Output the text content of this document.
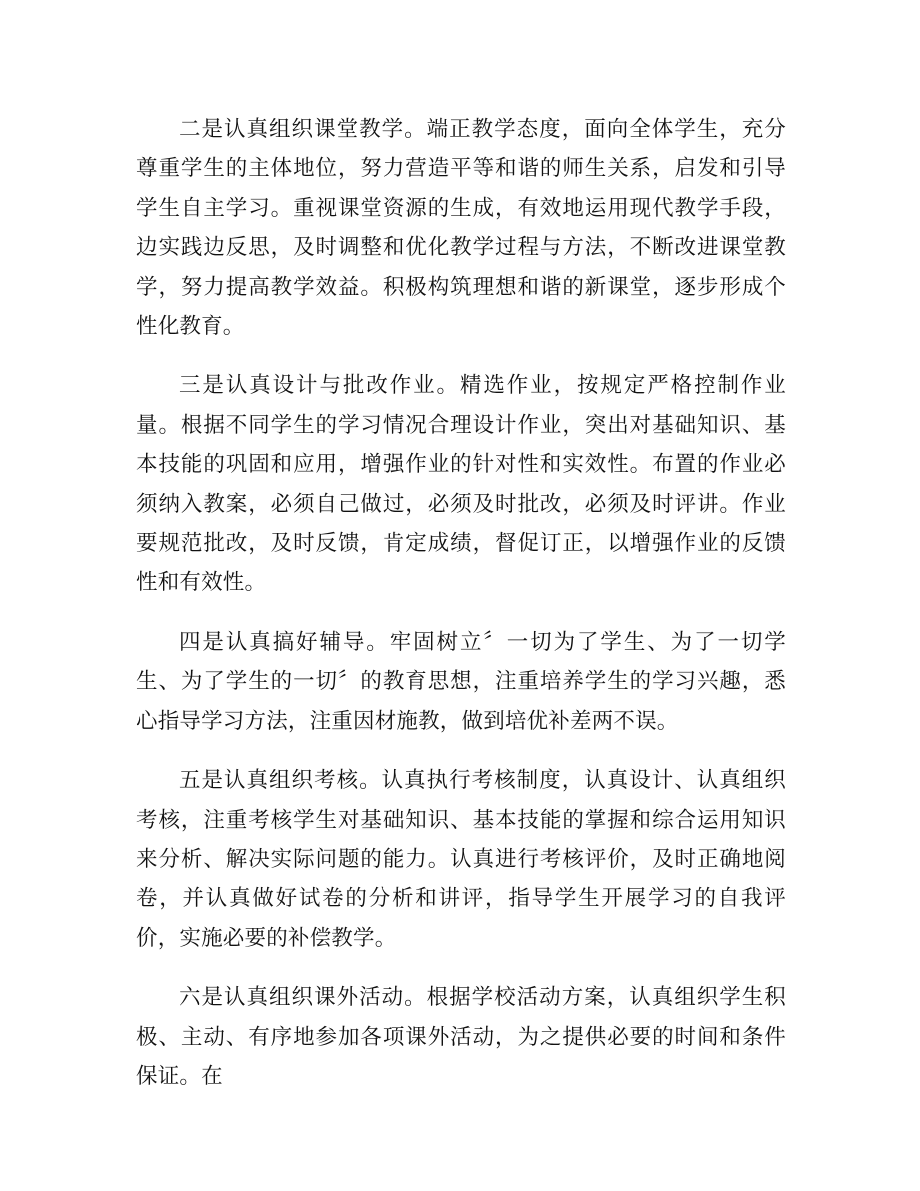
二是认真组织课堂教学。端正教学态度，面向全体学生，充分尊重学生的主体地位，努力营造平等和谐的师生关系，启发和引导学生自主学习。重视课堂资源的生成，有效地运用现代教学手段，边实践边反思，及时调整和优化教学过程与方法，不断改进课堂教学，努力提高教学效益。积极构筑理想和谐的新课堂，逐步形成个性化教育。

三是认真设计与批改作业。精选作业，按规定严格控制作业量。根据不同学生的学习情况合理设计作业，突出对基础知识、基本技能的巩固和应用，增强作业的针对性和实效性。布置的作业必须纳入教案，必须自己做过，必须及时批改，必须及时评讲。作业要规范批改，及时反馈，肯定成绩，督促订正，以增强作业的反馈性和有效性。

四是认真搞好辅导。牢固树立〞一切为了学生、为了一切学生、为了学生的一切〞的教育思想，注重培养学生的学习兴趣，悉心指导学习方法，注重因材施教，做到培优补差两不误。

五是认真组织考核。认真执行考核制度，认真设计、认真组织考核，注重考核学生对基础知识、基本技能的掌握和综合运用知识来分析、解决实际问题的能力。认真进行考核评价，及时正确地阅卷，并认真做好试卷的分析和讲评，指导学生开展学习的自我评价，实施必要的补偿教学。

六是认真组织课外活动。根据学校活动方案，认真组织学生积极、主动、有序地参加各项课外活动，为之提供必要的时间和条件保证。在
